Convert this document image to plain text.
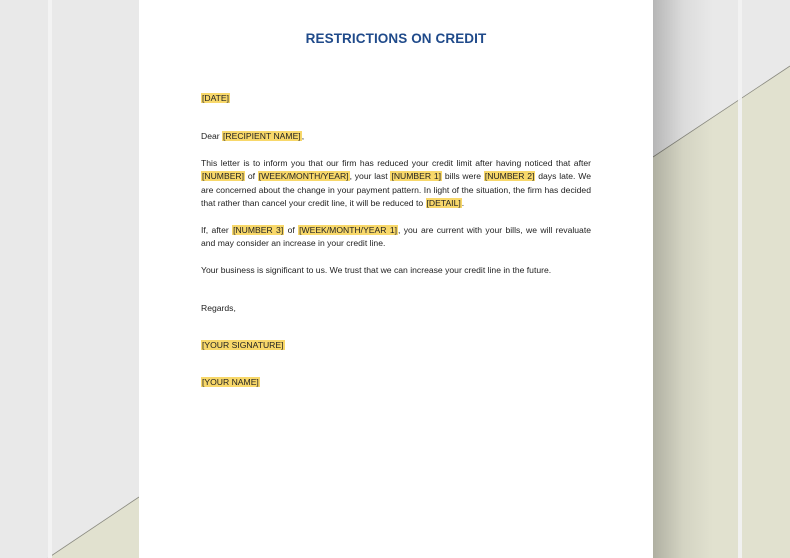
RESTRICTIONS ON CREDIT
[DATE]
Dear [RECIPIENT NAME],
This letter is to inform you that our firm has reduced your credit limit after having noticed that after [NUMBER] of [WEEK/MONTH/YEAR], your last [NUMBER 1] bills were [NUMBER 2] days late. We are concerned about the change in your payment pattern. In light of the situation, the firm has decided that rather than cancel your credit line, it will be reduced to [DETAIL].
If, after [NUMBER 3] of [WEEK/MONTH/YEAR 1], you are current with your bills, we will revaluate and may consider an increase in your credit line.
Your business is significant to us. We trust that we can increase your credit line in the future.
Regards,
[YOUR SIGNATURE]
[YOUR NAME]
